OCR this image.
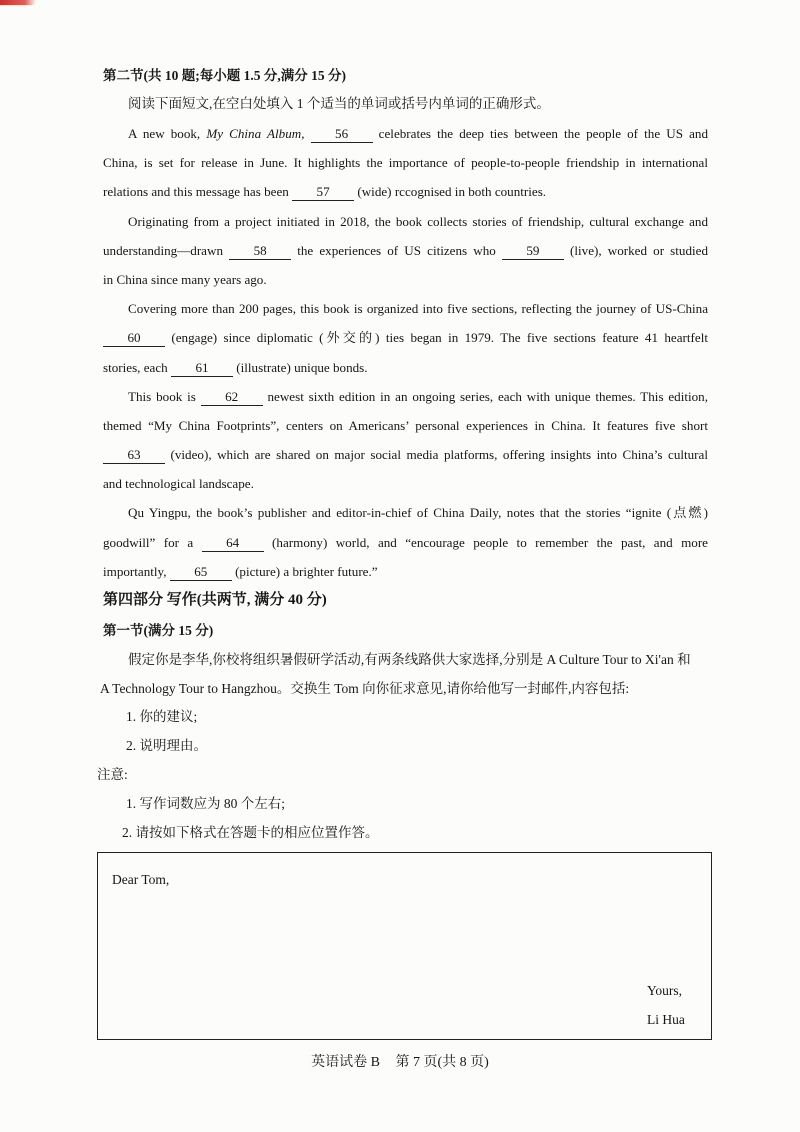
第二节(共 10 题;每小题 1.5 分,满分 15 分)
阅读下面短文,在空白处填入 1 个适当的单词或括号内单词的正确形式。
A new book, My China Album, 56 celebrates the deep ties between the people of the US and
China, is set for release in June. It highlights the importance of people-to-people friendship in international
relations and this message has been 57 (wide) rccognised in both countries.
Originating from a project initiated in 2018, the book collects stories of friendship, cultural exchange and
understanding—drawn 58 the experiences of US citizens who 59 (live), worked or studied
in China since many years ago.
Covering more than 200 pages, this book is organized into five sections, reflecting the journey of US-China
60 (engage) since diplomatic (外交的) ties began in 1979. The five sections feature 41 heartfelt
stories, each 61 (illustrate) unique bonds.
This book is 62 newest sixth edition in an ongoing series, each with unique themes. This edition,
themed “My China Footprints”, centers on Americans’ personal experiences in China. It features five short
63 (video), which are shared on major social media platforms, offering insights into China’s cultural
and technological landscape.
Qu Yingpu, the book’s publisher and editor-in-chief of China Daily, notes that the stories “ignite (点燃)
goodwill” for a 64 (harmony) world, and “encourage people to remember the past, and more
importantly, 65 (picture) a brighter future.”
第四部分 写作(共两节, 满分 40 分)
第一节(满分 15 分)
假定你是李华,你校将组织暑假研学活动,有两条线路供大家选择,分别是 A Culture Tour to Xi'an 和
A Technology Tour to Hangzhou。交换生 Tom 向你征求意见,请你给他写一封邮件,内容包括:
1. 你的建议;
2. 说明理由。
注意:
1. 写作词数应为 80 个左右;
2. 请按如下格式在答题卡的相应位置作答。
Dear Tom,
Yours,
Li Hua
英语试卷 B 第 7 页(共 8 页)
